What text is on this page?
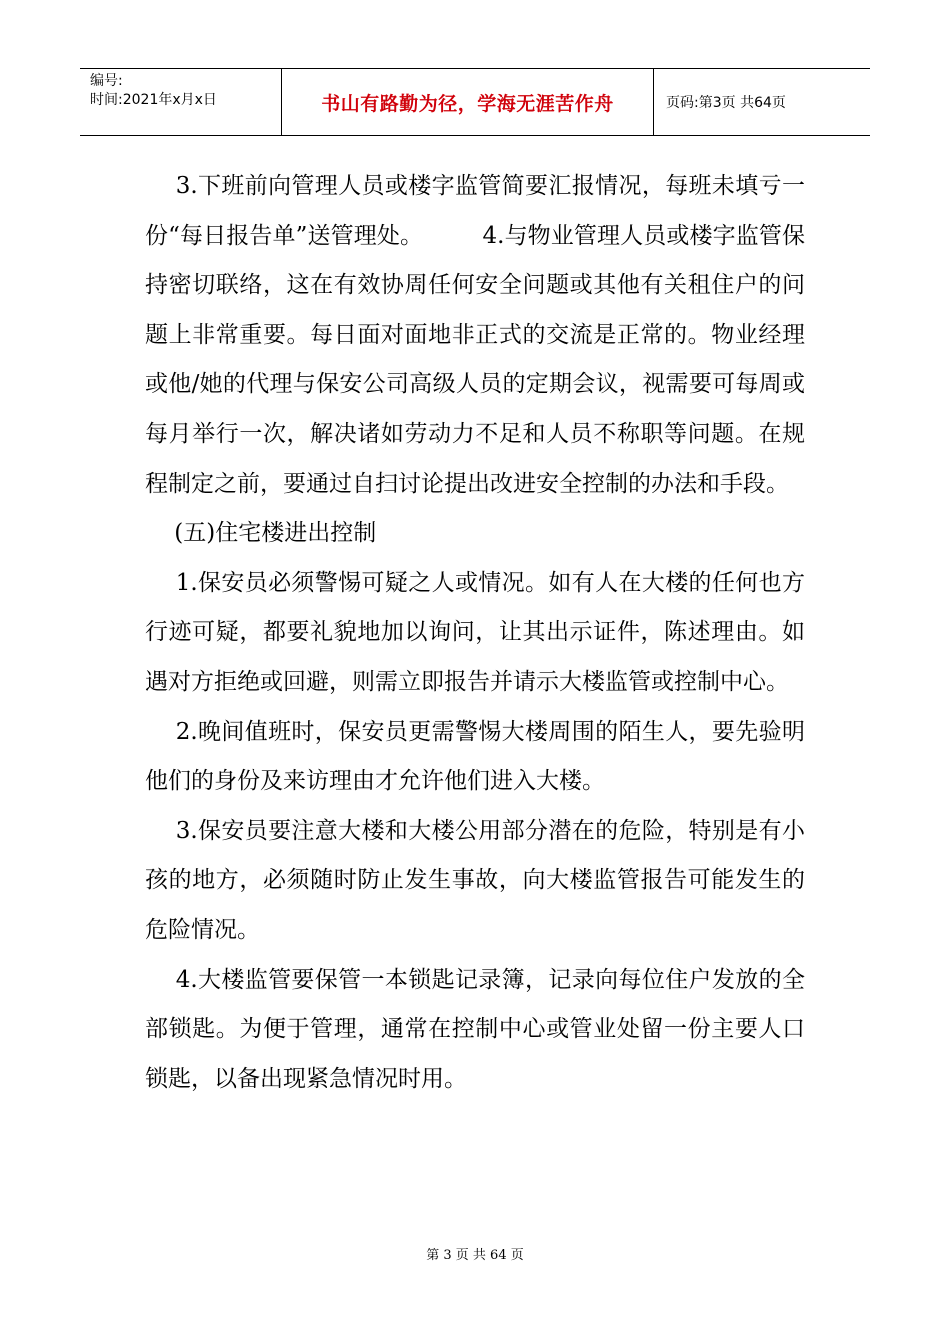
编号:
时间:2021年x月x日	书山有路勤为径，学海无涯苦作舟	页码:第3页 共64页

3.下班前向管理人员或楼字监管简要汇报情况，每班未填亏一份“每日报告单”送管理处。        4.与物业管理人员或楼字监管保持密切联络，这在有效协周任何安全问题或其他有关租住户的问题上非常重要。每日面对面地非正式的交流是正常的。物业经理或他/她的代理与保安公司高级人员的定期会议，视需要可每周或每月举行一次，解决诸如劳动力不足和人员不称职等问题。在规程制定之前，要通过自扫讨论提出改进安全控制的办法和手段。

(五)住宅楼进出控制

1.保安员必须警惕可疑之人或情况。如有人在大楼的任何也方行迹可疑，都要礼貌地加以询问，让其出示证件，陈述理由。如遇对方拒绝或回避，则需立即报告并请示大楼监管或控制中心。

2.晚间值班时，保安员更需警惕大楼周围的陌生人，要先验明他们的身份及来访理由才允许他们进入大楼。

3.保安员要注意大楼和大楼公用部分潜在的危险，特别是有小孩的地方，必须随时防止发生事故，向大楼监管报告可能发生的危险情况。

4.大楼监管要保管一本锁匙记录簿，记录向每位住户发放的全部锁匙。为便于管理，通常在控制中心或管业处留一份主要人口锁匙，以备出现紧急情况时用。

第 3 页 共 64 页
